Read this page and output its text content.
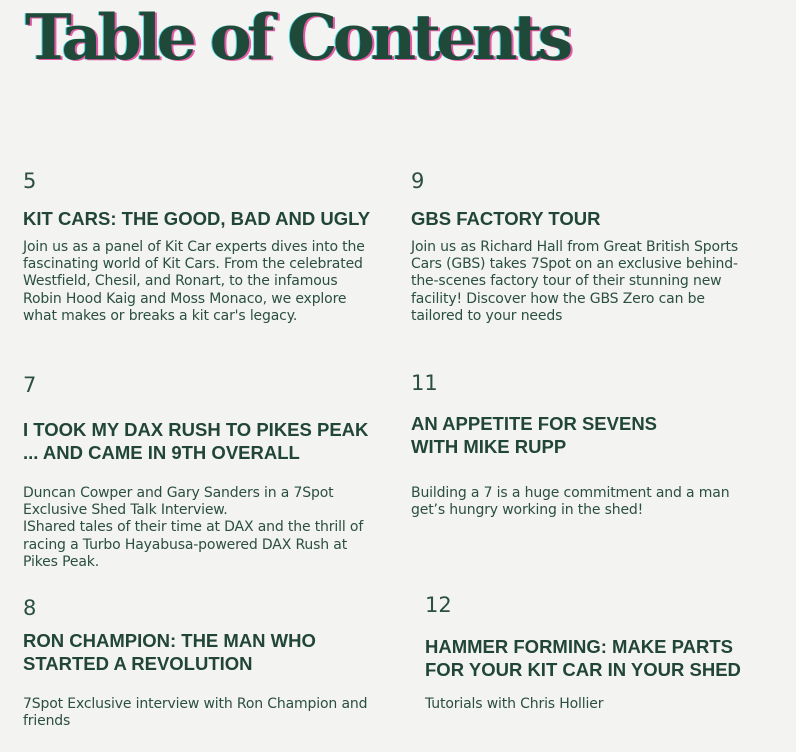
Table of Contents
5
KIT CARS: THE GOOD, BAD AND UGLY

Join us as a panel of Kit Car experts dives into the
fascinating world of Kit Cars. From the celebrated
Westfield, Chesil, and Ronart, to the infamous
Robin Hood Kaig and Moss Monaco, we explore
what makes or breaks a kit car's legacy.

9
GBS FACTORY TOUR

Join us as Richard Hall from Great British Sports
Cars (GBS) takes 7Spot on an exclusive behind-
the-scenes factory tour of their stunning new
facility! Discover how the GBS Zero can be
tailored to your needs

7
I TOOK MY DAX RUSH TO PIKES PEAK
... AND CAME IN 9TH OVERALL

Duncan Cowper and Gary Sanders in a 7Spot
Exclusive Shed Talk Interview.
IShared tales of their time at DAX and the thrill of
racing a Turbo Hayabusa-powered DAX Rush at
Pikes Peak.

11
AN APPETITE FOR SEVENS
WITH MIKE RUPP

Building a 7 is a huge commitment and a man
get’s hungry working in the shed!

8
RON CHAMPION: THE MAN WHO
STARTED A REVOLUTION

7Spot Exclusive interview with Ron Champion and
friends

12
HAMMER FORMING: MAKE PARTS
FOR YOUR KIT CAR IN YOUR SHED

Tutorials with Chris Hollier
